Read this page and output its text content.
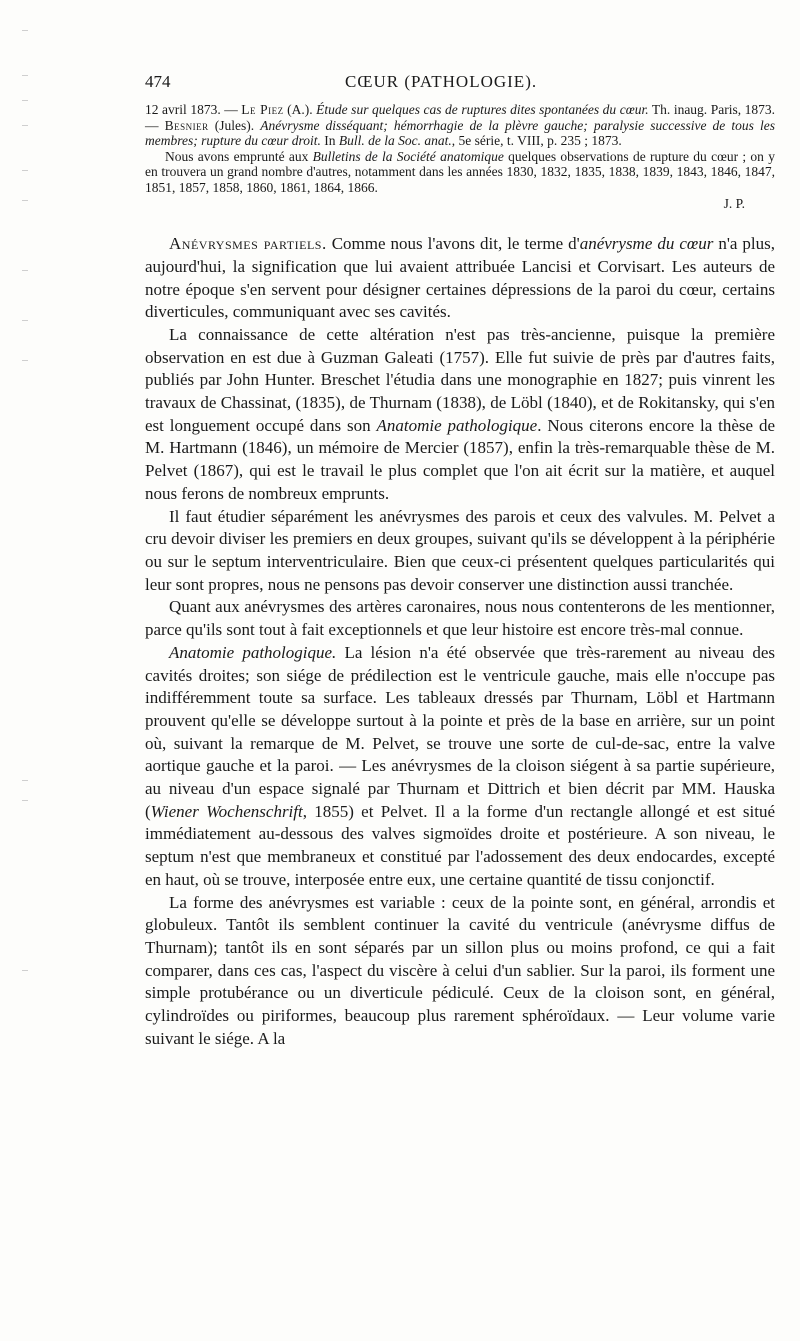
474	CŒUR (PATHOLOGIE).

12 avril 1873. — Le Piez (A.). Étude sur quelques cas de ruptures dites spontanées du cœur. Th. inaug. Paris, 1873. — Besnier (Jules). Anévrysme disséquant; hémorrhagie de la plèvre gauche; paralysie successive de tous les membres; rupture du cœur droit. In Bull. de la Soc. anat., 5e série, t. VIII, p. 235 ; 1873.

Nous avons emprunté aux Bulletins de la Société anatomique quelques observations de rupture du cœur ; on y en trouvera un grand nombre d'autres, notamment dans les années 1830, 1832, 1835, 1838, 1839, 1843, 1846, 1847, 1851, 1857, 1858, 1860, 1861, 1864, 1866.

J. P.

Anévrysmes partiels. Comme nous l'avons dit, le terme d'anévrysme du cœur n'a plus, aujourd'hui, la signification que lui avaient attribuée Lancisi et Corvisart. Les auteurs de notre époque s'en servent pour désigner certaines dépressions de la paroi du cœur, certains diverticules, communiquant avec ses cavités.

La connaissance de cette altération n'est pas très-ancienne, puisque la première observation en est due à Guzman Galeati (1757). Elle fut suivie de près par d'autres faits, publiés par John Hunter. Breschet l'étudia dans une monographie en 1827; puis vinrent les travaux de Chassinat, (1835), de Thurnam (1838), de Löbl (1840), et de Rokitansky, qui s'en est longuement occupé dans son Anatomie pathologique. Nous citerons encore la thèse de M. Hartmann (1846), un mémoire de Mercier (1857), enfin la très-remarquable thèse de M. Pelvet (1867), qui est le travail le plus complet que l'on ait écrit sur la matière, et auquel nous ferons de nombreux emprunts.

Il faut étudier séparément les anévrysmes des parois et ceux des valvules. M. Pelvet a cru devoir diviser les premiers en deux groupes, suivant qu'ils se développent à la périphérie ou sur le septum interventriculaire. Bien que ceux-ci présentent quelques particularités qui leur sont propres, nous ne pensons pas devoir conserver une distinction aussi tranchée.

Quant aux anévrysmes des artères caronaires, nous nous contenterons de les mentionner, parce qu'ils sont tout à fait exceptionnels et que leur histoire est encore très-mal connue.

Anatomie pathologique. La lésion n'a été observée que très-rarement au niveau des cavités droites; son siége de prédilection est le ventricule gauche, mais elle n'occupe pas indifféremment toute sa surface. Les tableaux dressés par Thurnam, Löbl et Hartmann prouvent qu'elle se développe surtout à la pointe et près de la base en arrière, sur un point où, suivant la remarque de M. Pelvet, se trouve une sorte de cul-de-sac, entre la valve aortique gauche et la paroi. — Les anévrysmes de la cloison siégent à sa partie supérieure, au niveau d'un espace signalé par Thurnam et Dittrich et bien décrit par MM. Hauska (Wiener Wochenschrift, 1855) et Pelvet. Il a la forme d'un rectangle allongé et est situé immédiatement au-dessous des valves sigmoïdes droite et postérieure. A son niveau, le septum n'est que membraneux et constitué par l'adossement des deux endocardes, excepté en haut, où se trouve, interposée entre eux, une certaine quantité de tissu conjonctif.

La forme des anévrysmes est variable : ceux de la pointe sont, en général, arrondis et globuleux. Tantôt ils semblent continuer la cavité du ventricule (anévrysme diffus de Thurnam); tantôt ils en sont séparés par un sillon plus ou moins profond, ce qui a fait comparer, dans ces cas, l'aspect du viscère à celui d'un sablier. Sur la paroi, ils forment une simple protubérance ou un diverticule pédiculé. Ceux de la cloison sont, en général, cylindroïdes ou piriformes, beaucoup plus rarement sphéroïdaux. — Leur volume varie suivant le siége. A la
